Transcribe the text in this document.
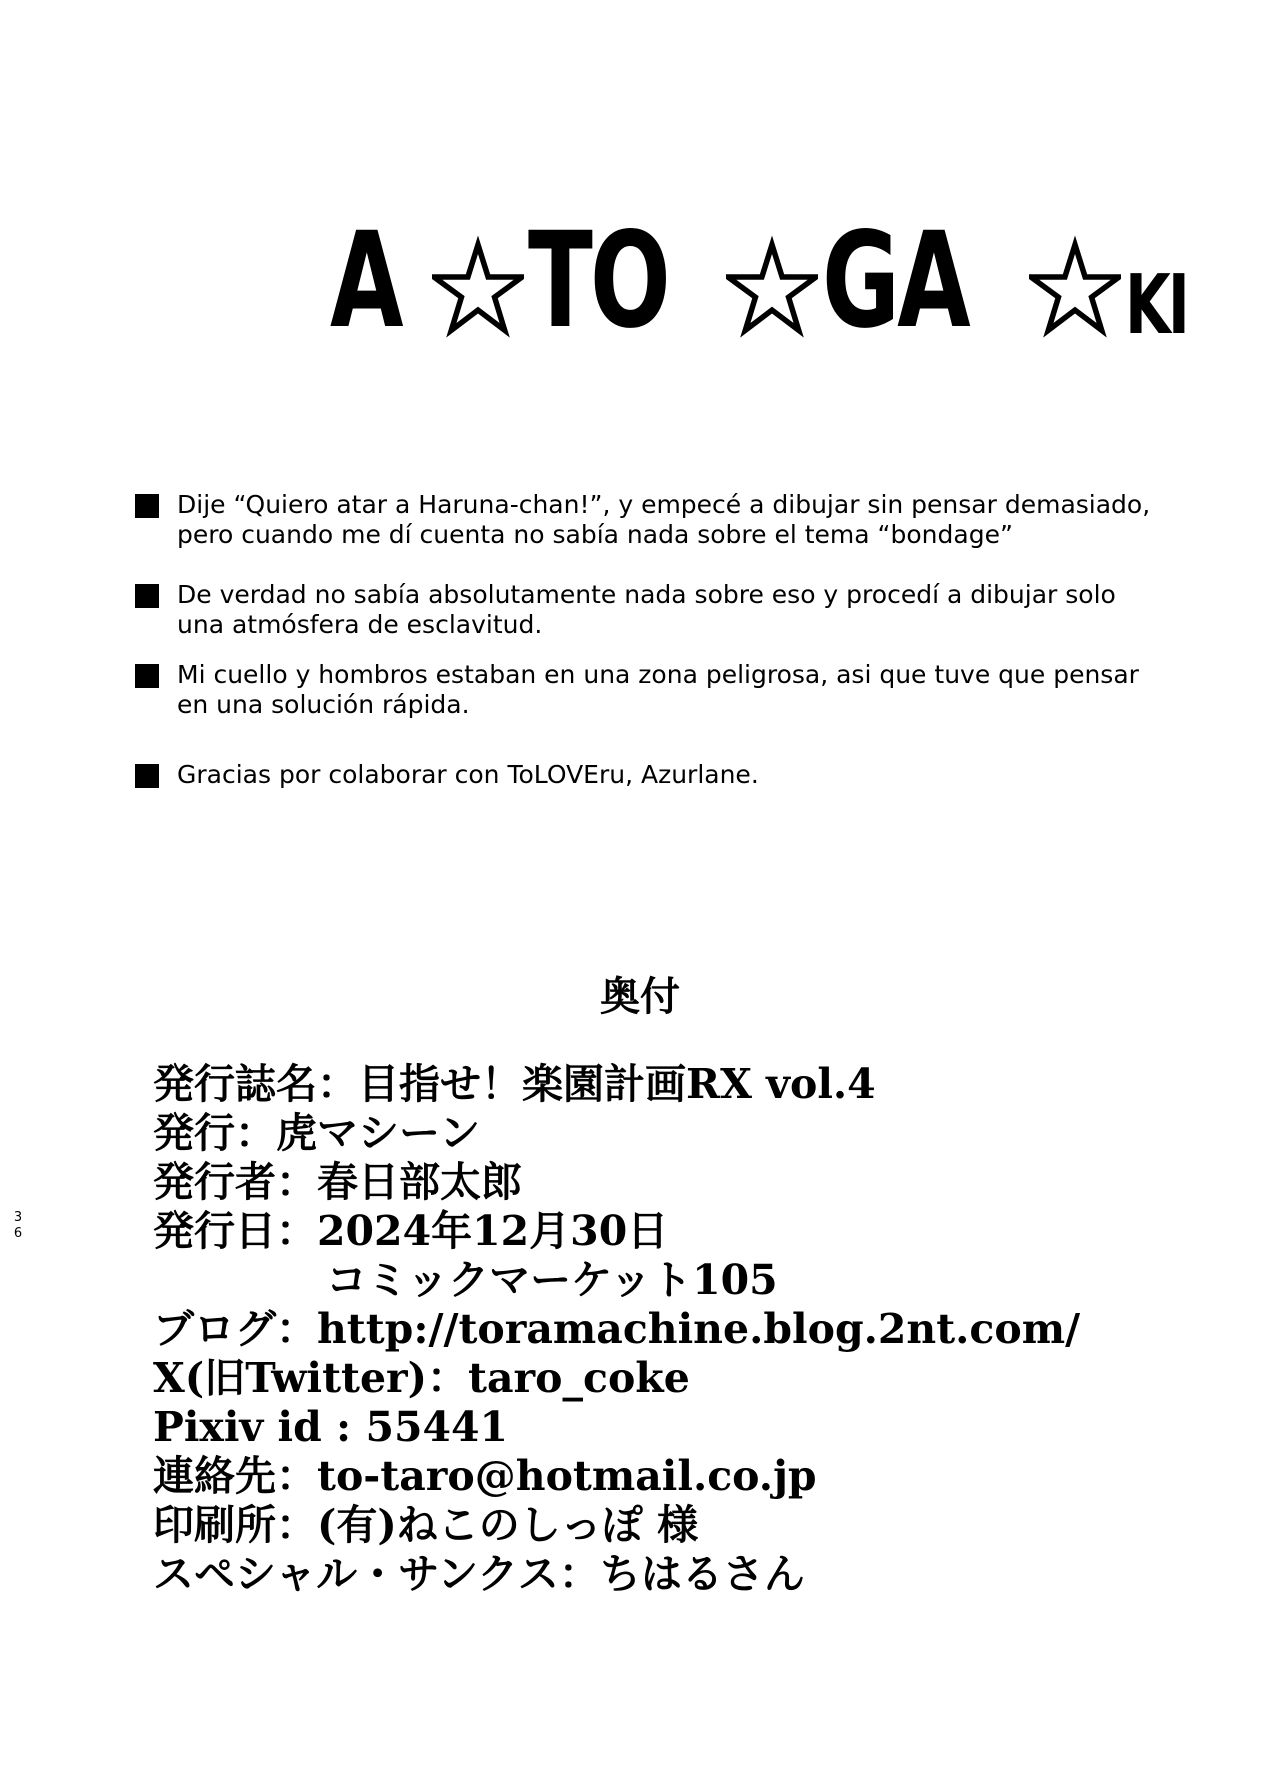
A TO GA KI
Dije “Quiero atar a Haruna-chan!”, y empecé a dibujar sin pensar demasiado,
pero cuando me dí cuenta no sabía nada sobre el tema “bondage”
De verdad no sabía absolutamente nada sobre eso y procedí a dibujar solo
una atmósfera de esclavitud.
Mi cuello y hombros estaban en una zona peligrosa, asi que tuve que pensar
en una solución rápida.
Gracias por colaborar con ToLOVEru, Azurlane.
奥付
発行誌名：目指せ！楽園計画RX vol.4
発行：虎マシーン
発行者：春日部太郎
発行日：2024年12月30日
コミックマーケット105
ブログ：http://toramachine.blog.2nt.com/
X(旧Twitter)：taro_coke
Pixiv id : 55441
連絡先：to-taro@hotmail.co.jp
印刷所：(有)ねこのしっぽ 様
スペシャル・サンクス：ちはるさん
3
6
